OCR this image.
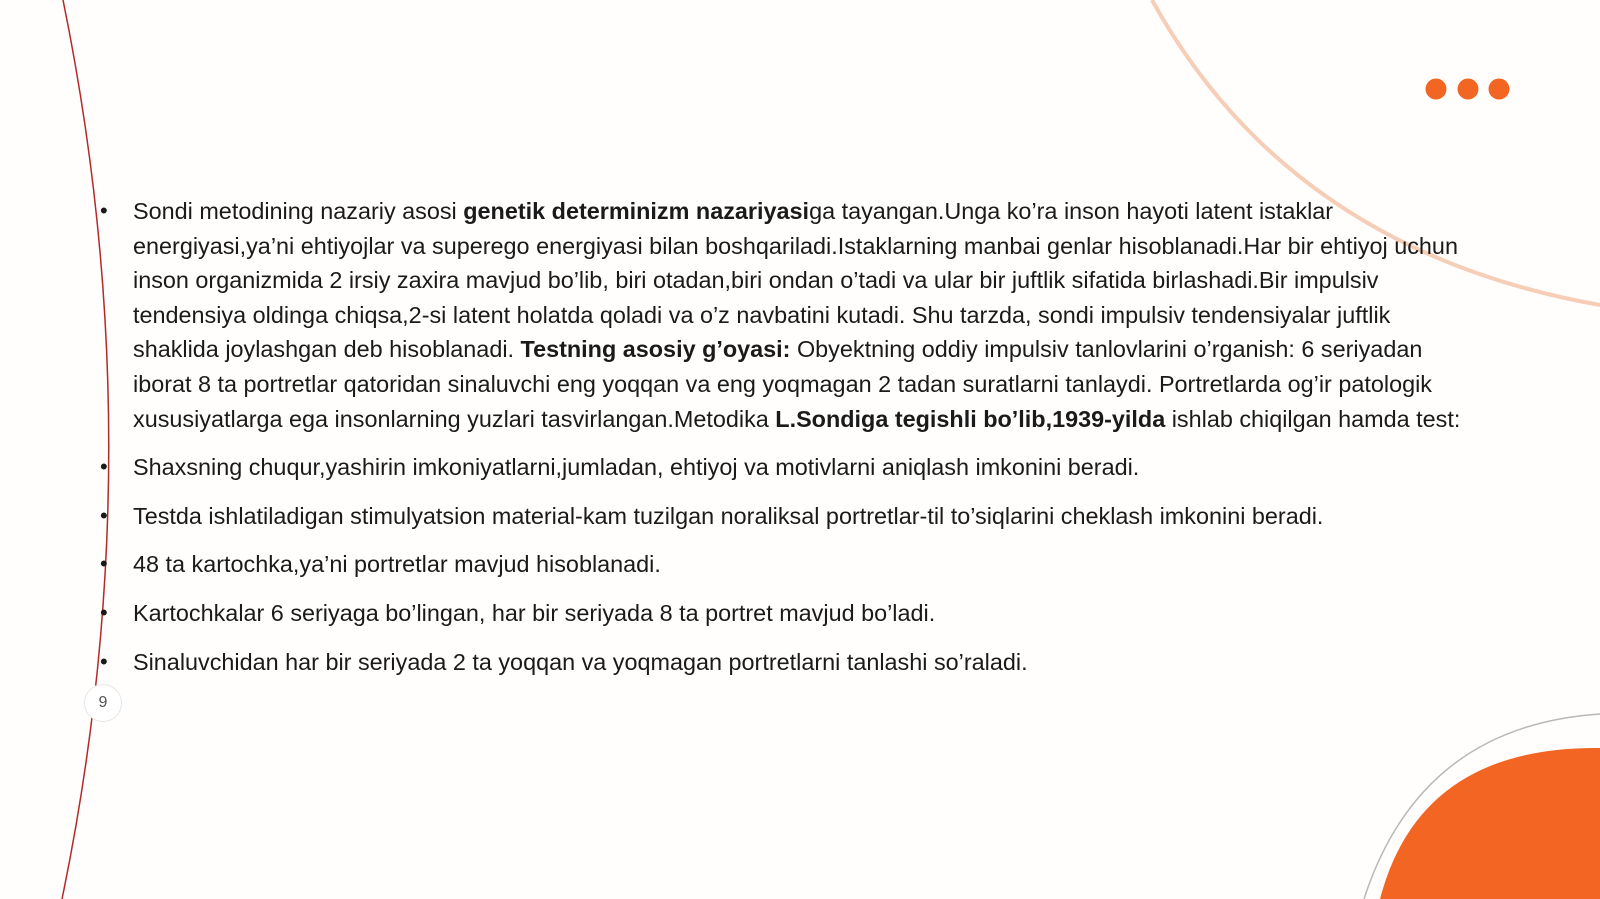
• Sondi metodining nazariy asosi genetik determinizm nazariyasiga tayangan.Unga ko’ra inson hayoti latent istaklar energiyasi,ya’ni ehtiyojlar va superego energiyasi bilan boshqariladi.Istaklarning manbai genlar hisoblanadi.Har bir ehtiyoj uchun inson organizmida 2 irsiy zaxira mavjud bo’lib, biri otadan,biri ondan o’tadi va ular bir juftlik sifatida birlashadi.Bir impulsiv tendensiya oldinga chiqsa,2-si latent holatda qoladi va o’z navbatini kutadi. Shu tarzda, sondi impulsiv tendensiyalar juftlik shaklida joylashgan deb hisoblanadi. Testning asosiy g’oyasi: Obyektning oddiy impulsiv tanlovlarini o’rganish: 6 seriyadan iborat 8 ta portretlar qatoridan sinaluvchi eng yoqqan va eng yoqmagan 2 tadan suratlarni tanlaydi. Portretlarda og’ir patologik xususiyatlarga ega insonlarning yuzlari tasvirlangan.Metodika L.Sondiga tegishli bo’lib,1939-yilda ishlab chiqilgan hamda test:
• Shaxsning chuqur,yashirin imkoniyatlarni,jumladan, ehtiyoj va motivlarni aniqlash imkonini beradi.
• Testda ishlatiladigan stimulyatsion material-kam tuzilgan noraliksal portretlar-til to’siqlarini cheklash imkonini beradi.
• 48 ta kartochka,ya’ni portretlar mavjud hisoblanadi.
• Kartochkalar 6 seriyaga bo’lingan, har bir seriyada 8 ta portret mavjud bo’ladi.
• Sinaluvchidan har bir seriyada 2 ta yoqqan va yoqmagan portretlarni tanlashi so’raladi.
9
